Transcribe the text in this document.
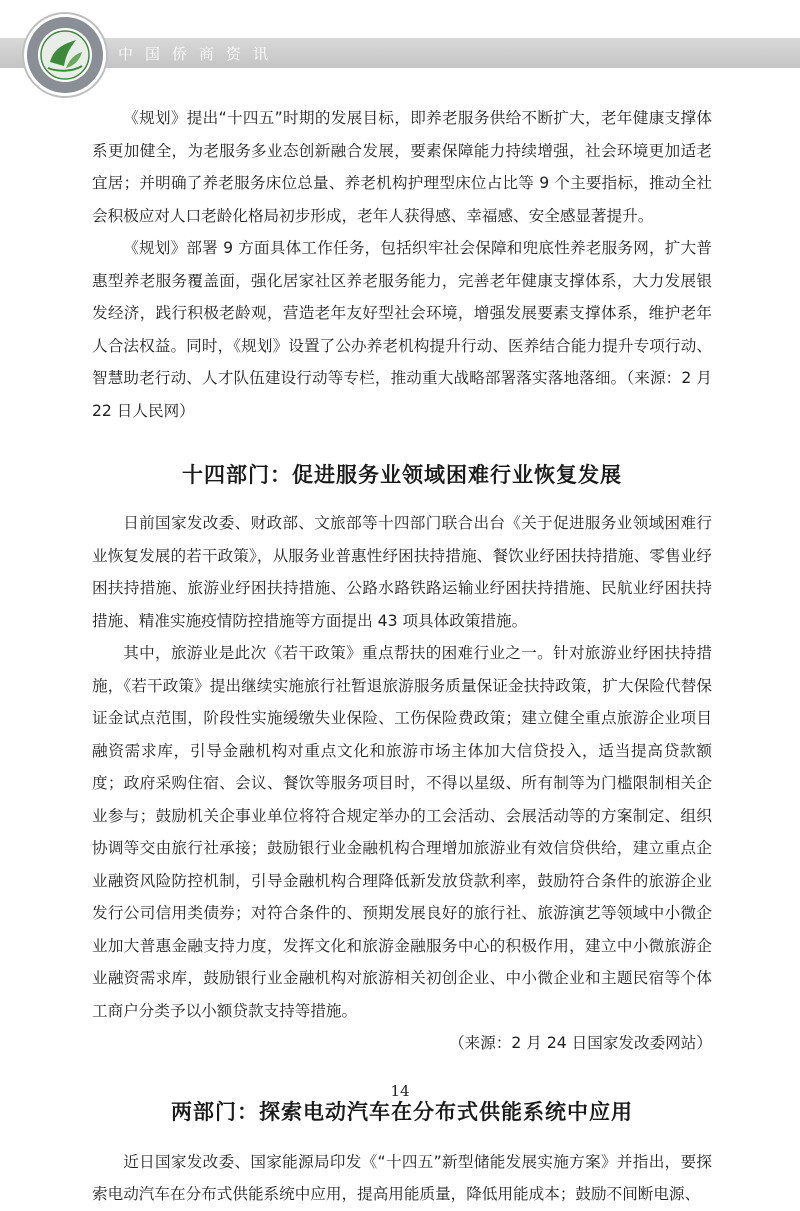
中国侨商资讯

《规划》提出“十四五”时期的发展目标，即养老服务供给不断扩大，老年健康支撑体系更加健全，为老服务多业态创新融合发展，要素保障能力持续增强，社会环境更加适老宜居；并明确了养老服务床位总量、养老机构护理型床位占比等 9 个主要指标，推动全社会积极应对人口老龄化格局初步形成，老年人获得感、幸福感、安全感显著提升。

《规划》部署 9 方面具体工作任务，包括织牢社会保障和兜底性养老服务网，扩大普惠型养老服务覆盖面，强化居家社区养老服务能力，完善老年健康支撑体系，大力发展银发经济，践行积极老龄观，营造老年友好型社会环境，增强发展要素支撑体系，维护老年人合法权益。同时，《规划》设置了公办养老机构提升行动、医养结合能力提升专项行动、智慧助老行动、人才队伍建设行动等专栏，推动重大战略部署落实落地落细。（来源：2 月 22 日人民网）

十四部门：促进服务业领域困难行业恢复发展

日前国家发改委、财政部、文旅部等十四部门联合出台《关于促进服务业领域困难行业恢复发展的若干政策》，从服务业普惠性纾困扶持措施、餐饮业纾困扶持措施、零售业纾困扶持措施、旅游业纾困扶持措施、公路水路铁路运输业纾困扶持措施、民航业纾困扶持措施、精准实施疫情防控措施等方面提出 43 项具体政策措施。

其中，旅游业是此次《若干政策》重点帮扶的困难行业之一。针对旅游业纾困扶持措施，《若干政策》提出继续实施旅行社暂退旅游服务质量保证金扶持政策，扩大保险代替保证金试点范围，阶段性实施缓缴失业保险、工伤保险费政策；建立健全重点旅游企业项目融资需求库，引导金融机构对重点文化和旅游市场主体加大信贷投入，适当提高贷款额度；政府采购住宿、会议、餐饮等服务项目时，不得以星级、所有制等为门槛限制相关企业参与；鼓励机关企事业单位将符合规定举办的工会活动、会展活动等的方案制定、组织协调等交由旅行社承接；鼓励银行业金融机构合理增加旅游业有效信贷供给，建立重点企业融资风险防控机制，引导金融机构合理降低新发放贷款利率，鼓励符合条件的旅游企业发行公司信用类债券；对符合条件的、预期发展良好的旅行社、旅游演艺等领域中小微企业加大普惠金融支持力度，发挥文化和旅游金融服务中心的积极作用，建立中小微旅游企业融资需求库，鼓励银行业金融机构对旅游相关初创企业、中小微企业和主题民宿等个体工商户分类予以小额贷款支持等措施。

（来源：2 月 24 日国家发改委网站）

两部门：探索电动汽车在分布式供能系统中应用

近日国家发改委、国家能源局印发《“十四五”新型储能发展实施方案》并指出，要探索电动汽车在分布式供能系统中应用，提高用能质量，降低用能成本；鼓励不间断电源、

14
